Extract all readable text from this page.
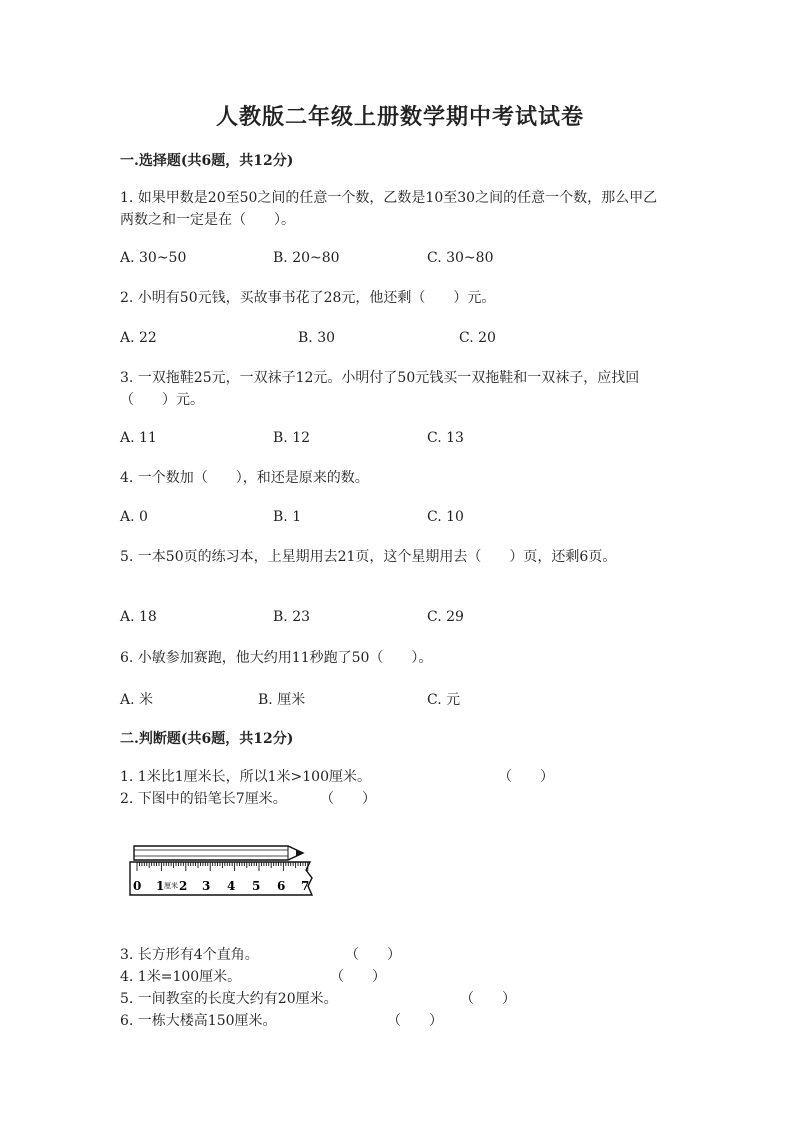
人教版二年级上册数学期中考试试卷
一.选择题(共6题，共12分)
1. 如果甲数是20至50之间的任意一个数，乙数是10至30之间的任意一个数，那么甲乙两数之和一定是在（　　）。
A. 30~50	B. 20~80	C. 30~80
2. 小明有50元钱，买故事书花了28元，他还剩（　　）元。
A. 22	B. 30	C. 20
3. 一双拖鞋25元，一双袜子12元。小明付了50元钱买一双拖鞋和一双袜子，应找回（　　）元。
A. 11	B. 12	C. 13
4. 一个数加（　　），和还是原来的数。
A. 0	B. 1	C. 10
5. 一本50页的练习本，上星期用去21页，这个星期用去（　　）页，还剩6页。
A. 18	B. 23	C. 29
6. 小敏参加赛跑，他大约用11秒跑了50（　　）。
A. 米	B. 厘米	C. 元
二.判断题(共6题，共12分)
1. 1米比1厘米长，所以1米>100厘米。	（　　）
2. 下图中的铅笔长7厘米。 （　　）
0 1 厘米 2 3 4 5 6 7
3. 长方形有4个直角。	（　　）
4. 1米=100厘米。	（　　）
5. 一间教室的长度大约有20厘米。	（　　）
6. 一栋大楼高150厘米。	（　　）
